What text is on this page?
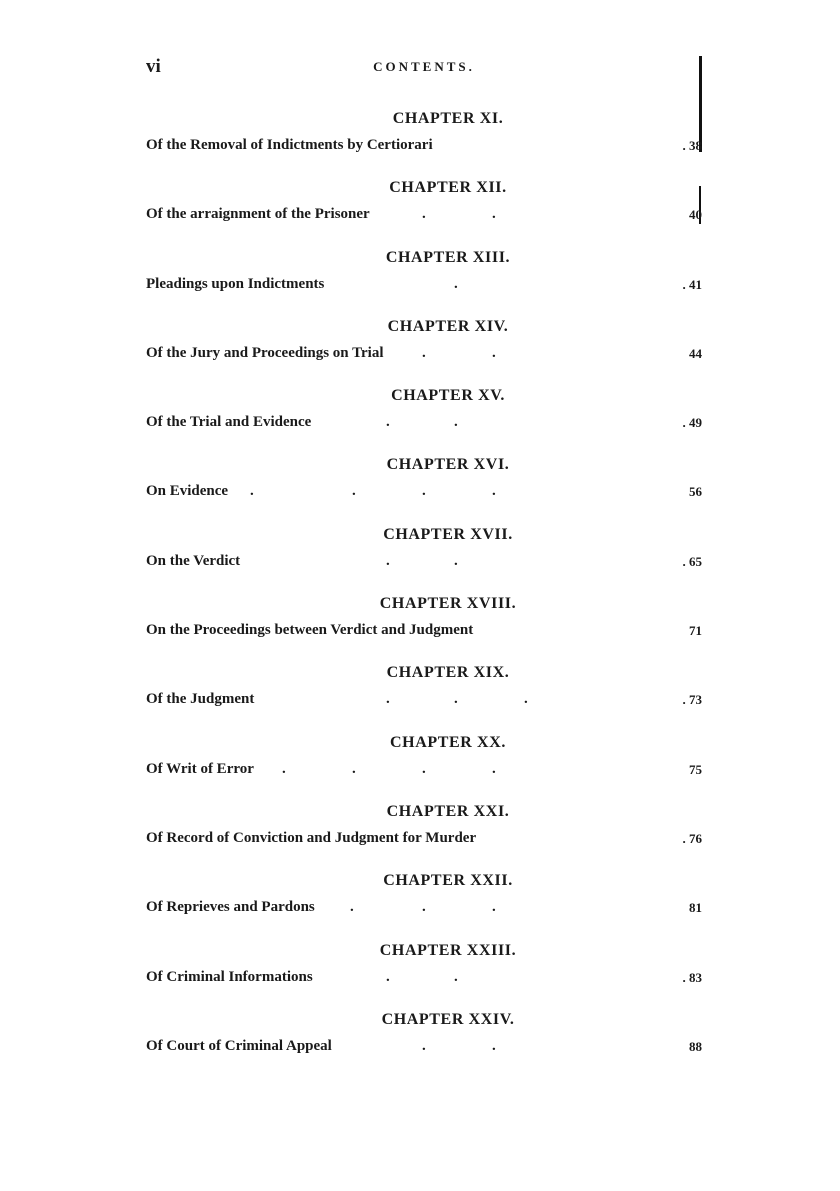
vi	CONTENTS.
CHAPTER XI.
Of the Removal of Indictments by Certiorari	. 38
CHAPTER XII.
Of the arraignment of the Prisoner	.	.	40
CHAPTER XIII.
Pleadings upon Indictments	.	. 41
CHAPTER XIV.
Of the Jury and Proceedings on Trial	.	.	44
CHAPTER XV.
Of the Trial and Evidence	.	.	. 49
CHAPTER XVI.
On Evidence .	.	.	.	56
CHAPTER XVII.
On the Verdict	.	.	. 65
CHAPTER XVIII.
On the Proceedings between Verdict and Judgment	71
CHAPTER XIX.
Of the Judgment	.	.	.	. 73
CHAPTER XX.
Of Writ of Error .	.	.	.	75
CHAPTER XXI.
Of Record of Conviction and Judgment for Murder	. 76
CHAPTER XXII.
Of Reprieves and Pardons .	.	.	81
CHAPTER XXIII.
Of Criminal Informations	.	.	. 83
CHAPTER XXIV.
Of Court of Criminal Appeal	.	.	88
